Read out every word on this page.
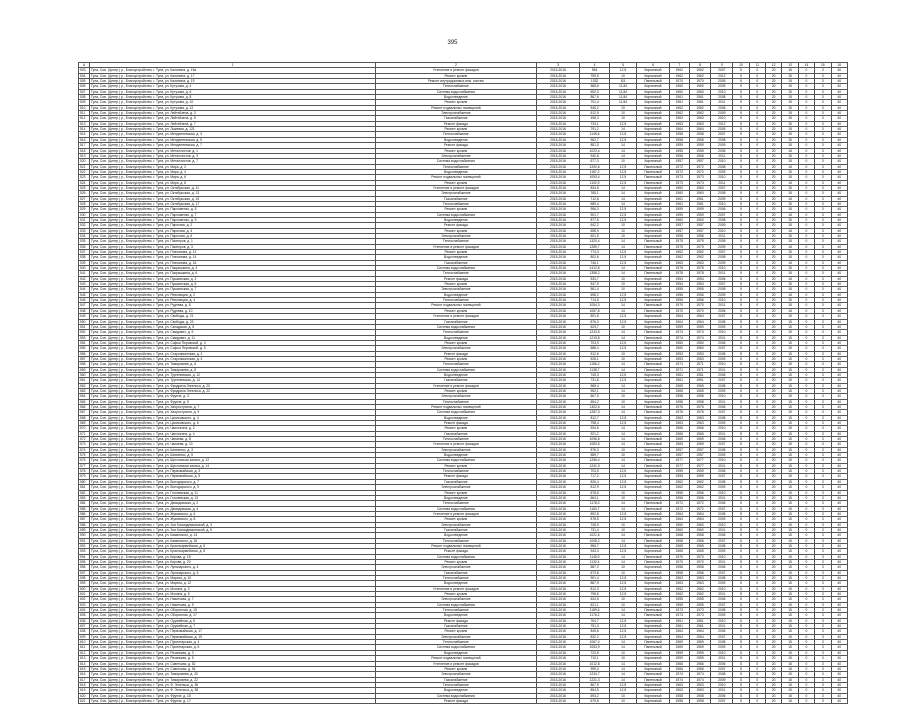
395
А	1	2	3	4	5	6	7	8	9	10	11	12	13	14	15	16
503	Тула, Сов. (Центр.) р., Благоустройство, г. Тула, ул. Калинина, д. 15а	Утепление и ремонт фасадов	2015-2016	964	12,5	Кирпичный	1962	1962	2007	5	0	20	15	0	3	40
504	Тула, Сов. (Центр.) р., Благоустройство, г. Тула, ул. Калинина, д. 17	Ремонт кровли	2015-2016	759,5	10	Кирпичный	1962	1962	2012	5	0	20	15	0	3	40
505	Тула, Сов. (Центр.) р., Благоустройство, г. Тула, ул. Калинина, д. 19	Ремонт внутридомовых инж. систем	2015-2016	1032	8,5	Панельный	1970	1970	2005	5	0	20	15	0	3	40
506	Тула, Сов. (Центр.) р., Благоустройство, г. Тула, ул. Кутузова, д. 4	Теплоснабжение	2015-2016	588,6	11,84	Кирпичный	1960	1960	2009	5	0	20	15	0	3	40
507	Тула, Сов. (Центр.) р., Благоустройство, г. Тула, ул. Кутузова, д. 6	Система водоснабжения	2015-2016	652,3	11,84	Кирпичный	1960	1960	2010	5	0	20	15	0	3	40
508	Тула, Сов. (Центр.) р., Благоустройство, г. Тула, ул. Кутузова, д. 8	Водоотведение	2015-2016	867,6	11,84	Кирпичный	1961	1961	2008	5	0	20	15	0	3	40
509	Тула, Сов. (Центр.) р., Благоустройство, г. Тула, ул. Кутузова, д. 10	Ремонт кровли	2015-2016	701,4	11,84	Кирпичный	1961	1961	2011	5	0	20	15	0	3	40
510	Тула, Сов. (Центр.) р., Благоустройство, г. Тула, ул. Кутузова, д. 12	Ремонт подвальных помещений	2015-2016	545,2	10	Кирпичный	1962	1962	2006	5	0	20	15	0	3	40
511	Тула, Сов. (Центр.) р., Благоустройство, г. Тула, ул. Лейтейзена, д. 3	Электроснабжение	2015-2016	612,9	10	Кирпичный	1962	1962	2009	5	0	20	15	0	3	40
512	Тула, Сов. (Центр.) р., Благоустройство, г. Тула, ул. Лейтейзена, д. 5	Газоснабжение	2015-2016	498,3	10	Кирпичный	1963	1963	2010	5	0	20	15	0	3	40
513	Тула, Сов. (Центр.) р., Благоустройство, г. Тула, ул. Лейтейзена, д. 7	Ремонт фасада	2015-2016	733,1	12,5	Кирпичный	1963	1963	2012	5	0	20	15	0	3	40
514	Тула, Сов. (Центр.) р., Благоустройство, г. Тула, ул. Ложевая, д. 121	Ремонт кровли	2015-2016	791,2	14	Кирпичный	1964	1964	2005	5	0	20	15	0	3	40
515	Тула, Сов. (Центр.) р., Благоустройство, г. Тула, ул. Менделеевская, д. 3	Теплоснабжение	2015-2016	1145,6	12,5	Кирпичный	1958	1958	2007	5	0	20	15	0	3	40
516	Тула, Сов. (Центр.) р., Благоустройство, г. Тула, ул. Менделеевская, д. 5	Водоотведение	2015-2016	962,7	12,5	Кирпичный	1958	1958	2008	5	0	20	15	0	3	40
517	Тула, Сов. (Центр.) р., Благоустройство, г. Тула, ул. Менделеевская, д. 7	Ремонт фасада	2015-2016	881,5	14	Кирпичный	1959	1959	2009	5	0	20	15	0	3	40
518	Тула, Сов. (Центр.) р., Благоустройство, г. Тула, ул. Металлистов, д. 1	Ремонт кровли	2015-2016	1023,4	14	Кирпичный	1955	1955	2006	5	0	20	15	0	3	40
519	Тула, Сов. (Центр.) р., Благоустройство, г. Тула, ул. Металлистов, д. 3	Электроснабжение	2015-2016	940,8	14	Кирпичный	1956	1956	2011	5	0	20	15	0	3	40
520	Тула, Сов. (Центр.) р., Благоустройство, г. Тула, ул. Металлистов, д. 7	Система водоснабжения	2015-2016	677,3	10	Кирпичный	1957	1957	2010	5	0	20	15	0	3	40
521	Тула, Сов. (Центр.) р., Благоустройство, г. Тула, ул. Мира, д. 2	Теплоснабжение	2015-2016	1200,6	12,5	Панельный	1972	1972	2008	5	0	20	15	0	3	40
522	Тула, Сов. (Центр.) р., Благоустройство, г. Тула, ул. Мира, д. 4	Водоотведение	2015-2016	1187,2	12,5	Панельный	1972	1972	2009	5	0	20	15	0	3	40
523	Тула, Сов. (Центр.) р., Благоустройство, г. Тула, ул. Мира, д. 6	Ремонт подвальных помещений	2015-2016	1093,4	12,5	Панельный	1973	1973	2010	5	0	20	15	0	3	40
524	Тула, Сов. (Центр.) р., Благоустройство, г. Тула, ул. Мира, д. 8	Ремонт кровли	2015-2016	1102,9	12,5	Панельный	1973	1973	2011	5	0	20	15	0	3	40
525	Тула, Сов. (Центр.) р., Благоустройство, г. Тула, ул. Октябрьская, д. 11	Утепление и ремонт фасадов	2015-2016	834,6	14	Кирпичный	1960	1960	2007	5	0	20	15	0	3	40
526	Тула, Сов. (Центр.) р., Благоустройство, г. Тула, ул. Октябрьская, д. 13	Электроснабжение	2015-2016	765,1	14	Кирпичный	1960	1960	2008	5	0	20	15	0	3	40
527	Тула, Сов. (Центр.) р., Благоустройство, г. Тула, ул. Октябрьская, д. 15	Газоснабжение	2015-2016	712,8	14	Кирпичный	1961	1961	2009	5	0	20	15	0	3	40
528	Тула, Сов. (Центр.) р., Благоустройство, г. Тула, ул. Октябрьская, д. 17	Теплоснабжение	2015-2016	689,4	14	Кирпичный	1961	1961	2010	5	0	20	15	0	3	40
529	Тула, Сов. (Центр.) р., Благоустройство, г. Тула, ул. Пархоменко, д. 5	Ремонт кровли	2015-2016	956,3	12,5	Кирпичный	1959	1959	2006	5	0	20	15	0	3	40
530	Тула, Сов. (Центр.) р., Благоустройство, г. Тула, ул. Пархоменко, д. 7	Система водоснабжения	2015-2016	901,7	12,5	Кирпичный	1959	1959	2007	5	0	20	15	0	3	40
531	Тула, Сов. (Центр.) р., Благоустройство, г. Тула, ул. Пархоменко, д. 9	Водоотведение	2015-2016	877,5	12,5	Кирпичный	1960	1960	2008	5	0	20	15	0	3	40
532	Тула, Сов. (Центр.) р., Благоустройство, г. Тула, ул. Пирогова, д. 2	Ремонт фасада	2015-2016	642,2	10	Кирпичный	1957	1957	2009	5	0	20	15	0	3	40
533	Тула, Сов. (Центр.) р., Благоустройство, г. Тула, ул. Пирогова, д. 4	Ремонт кровли	2015-2016	658,9	10	Кирпичный	1957	1957	2010	5	0	20	15	0	3	40
534	Тула, Сов. (Центр.) р., Благоустройство, г. Тула, ул. Пирогова, д. 6	Электроснабжение	2015-2016	601,5	10	Кирпичный	1958	1958	2011	5	0	20	15	0	3	40
535	Тула, Сов. (Центр.) р., Благоустройство, г. Тула, ул. Пионеров, д. 1	Теплоснабжение	2015-2016	1320,4	14	Панельный	1975	1975	2008	5	0	20	15	0	3	40
536	Тула, Сов. (Центр.) р., Благоустройство, г. Тула, ул. Пионеров, д. 3	Утепление и ремонт фасадов	2015-2016	1289,7	14	Панельный	1975	1975	2009	5	0	20	15	0	3	40
537	Тула, Сов. (Центр.) р., Благоустройство, г. Тула, ул. Плеханова, д. 12	Ремонт кровли	2015-2016	774,3	12,5	Кирпичный	1962	1962	2007	5	0	20	15	0	3	40
538	Тула, Сов. (Центр.) р., Благоустройство, г. Тула, ул. Плеханова, д. 14	Водоотведение	2015-2016	802,6	12,5	Кирпичный	1962	1962	2008	5	0	20	15	0	3	40
539	Тула, Сов. (Центр.) р., Благоустройство, г. Тула, ул. Плеханова, д. 16	Газоснабжение	2015-2016	746,1	12,5	Кирпичный	1963	1963	2009	5	0	20	15	0	3	40
540	Тула, Сов. (Центр.) р., Благоустройство, г. Тула, ул. Покрышкина, д. 4	Система водоснабжения	2015-2016	1412,8	14	Панельный	1978	1978	2010	5	0	20	15	0	3	40
541	Тула, Сов. (Центр.) р., Благоустройство, г. Тула, ул. Покрышкина, д. 6	Теплоснабжение	2015-2016	1398,2	14	Панельный	1978	1978	2011	5	0	20	15	0	3	40
542	Тула, Сов. (Центр.) р., Благоустройство, г. Тула, ул. Пушкинская, д. 3	Ремонт фасада	2015-2016	533,7	10	Кирпичный	1954	1954	2006	5	0	20	15	0	3	40
543	Тула, Сов. (Центр.) р., Благоустройство, г. Тула, ул. Пушкинская, д. 5	Ремонт кровли	2015-2016	547,9	10	Кирпичный	1954	1954	2007	5	0	20	15	0	3	40
544	Тула, Сов. (Центр.) р., Благоустройство, г. Тула, ул. Пушкинская, д. 7	Электроснабжение	2015-2016	561,4	10	Кирпичный	1955	1955	2008	5	0	20	15	0	3	40
545	Тула, Сов. (Центр.) р., Благоустройство, г. Тула, ул. Революции, д. 2	Водоотведение	2015-2016	698,2	12,5	Кирпичный	1956	1956	2009	5	0	20	15	0	3	40
546	Тула, Сов. (Центр.) р., Благоустройство, г. Тула, ул. Революции, д. 4	Теплоснабжение	2015-2016	714,6	12,5	Кирпичный	1956	1956	2010	5	0	20	15	0	3	40
547	Тула, Сов. (Центр.) р., Благоустройство, г. Тула, ул. Руднева, д. 8	Ремонт подвальных помещений	2015-2016	1054,3	14	Панельный	1970	1970	2011	5	0	20	15	0	3	40
548	Тула, Сов. (Центр.) р., Благоустройство, г. Тула, ул. Руднева, д. 10	Ремонт кровли	2015-2016	1067,8	14	Панельный	1970	1970	2006	5	0	20	15	0	3	40
549	Тула, Сов. (Центр.) р., Благоустройство, г. Тула, ул. Свободы, д. 21	Утепление и ремонт фасадов	2015-2016	891,5	12,5	Кирпичный	1964	1964	2007	5	0	20	15	0	3	40
550	Тула, Сов. (Центр.) р., Благоустройство, г. Тула, ул. Свободы, д. 23	Газоснабжение	2015-2016	876,3	12,5	Кирпичный	1964	1964	2008	5	0	20	15	0	3	40
551	Тула, Сов. (Центр.) р., Благоустройство, г. Тула, ул. Складская, д. 5	Система водоснабжения	2015-2016	623,7	10	Кирпичный	1959	1959	2009	5	0	20	15	0	3	40
552	Тула, Сов. (Центр.) р., Благоустройство, г. Тула, ул. Смидович, д. 9	Теплоснабжение	2015-2016	1243,5	14	Панельный	1974	1974	2010	5	0	20	15	0	3	40
553	Тула, Сов. (Центр.) р., Благоустройство, г. Тула, ул. Смидович, д. 11	Водоотведение	2015-2016	1219,8	14	Панельный	1974	1974	2011	5	0	20	15	0	3	40
554	Тула, Сов. (Центр.) р., Благоустройство, г. Тула, ул. Софьи Перовской, д. 3	Ремонт кровли	2015-2016	703,9	12,5	Кирпичный	1960	1960	2006	5	0	20	15	0	3	40
555	Тула, Сов. (Центр.) р., Благоустройство, г. Тула, ул. Софьи Перовской, д. 5	Электроснабжение	2015-2016	688,4	12,5	Кирпичный	1960	1960	2007	5	0	20	15	0	3	40
556	Тула, Сов. (Центр.) р., Благоустройство, г. Тула, ул. Староникитская, д. 2	Ремонт фасада	2015-2016	512,6	10	Кирпичный	1953	1953	2008	5	0	20	15	0	3	40
557	Тула, Сов. (Центр.) р., Благоустройство, г. Тула, ул. Староникитская, д. 4	Ремонт кровли	2015-2016	526,1	10	Кирпичный	1953	1953	2009	5	0	20	15	0	3	40
558	Тула, Сов. (Центр.) р., Благоустройство, г. Тула, ул. Тимирязева, д. 6	Теплоснабжение	2015-2016	1156,2	14	Панельный	1971	1971	2010	5	0	20	15	0	3	40
559	Тула, Сов. (Центр.) р., Благоустройство, г. Тула, ул. Тимирязева, д. 8	Система водоснабжения	2015-2016	1138,7	14	Панельный	1971	1971	2011	5	0	20	15	0	3	40
560	Тула, Сов. (Центр.) р., Благоустройство, г. Тула, ул. Тургеневская, д. 12	Водоотведение	2015-2016	745,3	12,5	Кирпичный	1961	1961	2006	5	0	20	15	0	3	40
561	Тула, Сов. (Центр.) р., Благоустройство, г. Тула, ул. Тургеневская, д. 14	Газоснабжение	2015-2016	731,8	12,5	Кирпичный	1961	1961	2007	5	0	20	15	0	3	40
562	Тула, Сов. (Центр.) р., Благоустройство, г. Тула, ул. Фридриха Энгельса, д. 20	Утепление и ремонт фасадов	2015-2016	968,4	14	Кирпичный	1965	1965	2008	5	0	20	15	0	3	40
563	Тула, Сов. (Центр.) р., Благоустройство, г. Тула, ул. Фридриха Энгельса, д. 22	Ремонт кровли	2015-2016	952,1	14	Кирпичный	1965	1965	2009	5	0	20	15	0	3	40
564	Тула, Сов. (Центр.) р., Благоустройство, г. Тула, ул. Фрунзе, д. 3	Электроснабжение	2015-2016	667,9	10	Кирпичный	1958	1958	2010	5	0	20	15	0	3	40
565	Тула, Сов. (Центр.) р., Благоустройство, г. Тула, ул. Фрунзе, д. 5	Теплоснабжение	2015-2016	654,2	10	Кирпичный	1958	1958	2011	5	0	20	15	0	3	40
566	Тула, Сов. (Центр.) р., Благоустройство, г. Тула, ул. Хворостухина, д. 7	Ремонт подвальных помещений	2015-2016	1302,6	14	Панельный	1976	1976	2006	5	0	20	15	0	3	40
567	Тула, Сов. (Центр.) р., Благоустройство, г. Тула, ул. Хворостухина, д. 9	Система водоснабжения	2015-2016	1287,3	14	Панельный	1976	1976	2007	5	0	20	15	0	3	40
568	Тула, Сов. (Центр.) р., Благоустройство, г. Тула, ул. Циолковского, д. 4	Водоотведение	2015-2016	812,7	12,5	Кирпичный	1963	1963	2008	5	0	20	15	0	3	40
569	Тула, Сов. (Центр.) р., Благоустройство, г. Тула, ул. Циолковского, д. 6	Ремонт фасада	2015-2016	798,4	12,5	Кирпичный	1963	1963	2009	5	0	20	15	0	3	40
570	Тула, Сов. (Центр.) р., Благоустройство, г. Тула, ул. Чаплыгина, д. 2	Ремонт кровли	2015-2016	934,6	14	Кирпичный	1966	1966	2010	5	0	20	15	0	3	40
571	Тула, Сов. (Центр.) р., Благоустройство, г. Тула, ул. Чаплыгина, д. 4	Газоснабжение	2015-2016	921,2	14	Кирпичный	1966	1966	2011	5	0	20	15	0	3	40
572	Тула, Сов. (Центр.) р., Благоустройство, г. Тула, ул. Чапаева, д. 8	Теплоснабжение	2015-2016	1096,8	14	Панельный	1969	1969	2006	5	0	20	15	0	3	40
573	Тула, Сов. (Центр.) р., Благоустройство, г. Тула, ул. Чапаева, д. 10	Утепление и ремонт фасадов	2015-2016	1083,5	14	Панельный	1969	1969	2007	5	0	20	15	0	3	40
574	Тула, Сов. (Центр.) р., Благоустройство, г. Тула, ул. Шевченко, д. 3	Электроснабжение	2015-2016	576,3	10	Кирпичный	1957	1957	2008	5	0	20	15	0	3	40
575	Тула, Сов. (Центр.) р., Благоустройство, г. Тула, ул. Шевченко, д. 5	Водоотведение	2015-2016	589,7	10	Кирпичный	1957	1957	2009	5	0	20	15	0	3	40
576	Тула, Сов. (Центр.) р., Благоустройство, г. Тула, ул. Щегловская засека, д. 12	Система водоснабжения	2015-2016	1256,4	14	Панельный	1977	1977	2010	5	0	20	15	0	3	40
577	Тула, Сов. (Центр.) р., Благоустройство, г. Тула, ул. Щегловская засека, д. 14	Ремонт кровли	2015-2016	1241,9	14	Панельный	1977	1977	2011	5	0	20	15	0	3	40
578	Тула, Сов. (Центр.) р., Благоустройство, г. Тула, ул. Первомайская, д. 3	Теплоснабжение	2015-2016	703,5	12,5	Кирпичный	1959	1959	2006	5	0	20	15	0	3	40
579	Тула, Сов. (Центр.) р., Благоустройство, г. Тула, ул. Первомайская, д. 5	Ремонт фасада	2015-2016	717,2	12,5	Кирпичный	1959	1959	2007	5	0	20	15	0	3	40
580	Тула, Сов. (Центр.) р., Благоустройство, г. Тула, ул. Володарского, д. 7	Газоснабжение	2015-2016	826,4	12,5	Кирпичный	1962	1962	2008	5	0	20	15	0	3	40
581	Тула, Сов. (Центр.) р., Благоустройство, г. Тула, ул. Володарского, д. 9	Электроснабжение	2015-2016	812,9	12,5	Кирпичный	1962	1962	2009	5	0	20	15	0	3	40
582	Тула, Сов. (Центр.) р., Благоустройство, г. Тула, ул. Гоголевская, д. 11	Ремонт кровли	2015-2016	678,6	10	Кирпичный	1956	1956	2010	5	0	20	15	0	3	40
583	Тула, Сов. (Центр.) р., Благоустройство, г. Тула, ул. Гоголевская, д. 13	Водоотведение	2015-2016	664,1	10	Кирпичный	1956	1956	2011	5	0	20	15	0	3	40
584	Тула, Сов. (Центр.) р., Благоустройство, г. Тула, ул. Демидовская, д. 2	Теплоснабжение	2015-2016	1178,3	14	Панельный	1972	1972	2006	5	0	20	15	0	3	40
585	Тула, Сов. (Центр.) р., Благоустройство, г. Тула, ул. Демидовская, д. 4	Система водоснабжения	2015-2016	1163,7	14	Панельный	1972	1972	2007	5	0	20	15	0	3	40
586	Тула, Сов. (Центр.) р., Благоустройство, г. Тула, ул. Жуковского, д. 6	Утепление и ремонт фасадов	2015-2016	892,8	12,5	Кирпичный	1964	1964	2008	5	0	20	15	0	3	40
587	Тула, Сов. (Центр.) р., Благоустройство, г. Тула, ул. Жуковского, д. 8	Ремонт кровли	2015-2016	878,5	12,5	Кирпичный	1964	1964	2009	5	0	20	15	0	3	40
588	Тула, Сов. (Центр.) р., Благоустройство, г. Тула, ул. Зои Космодемьянской, д. 3	Электроснабжение	2015-2016	745,9	10	Кирпичный	1960	1960	2010	5	0	20	15	0	3	40
589	Тула, Сов. (Центр.) р., Благоустройство, г. Тула, ул. Зои Космодемьянской, д. 5	Газоснабжение	2015-2016	731,4	10	Кирпичный	1960	1960	2011	5	0	20	15	0	3	40
590	Тула, Сов. (Центр.) р., Благоустройство, г. Тула, ул. Каминского, д. 14	Водоотведение	2015-2016	1021,6	14	Панельный	1968	1968	2006	5	0	20	15	0	3	40
591	Тула, Сов. (Центр.) р., Благоустройство, г. Тула, ул. Каминского, д. 16	Теплоснабжение	2015-2016	1008,2	14	Панельный	1968	1968	2007	5	0	20	15	0	3	40
592	Тула, Сов. (Центр.) р., Благоустройство, г. Тула, ул. Красноармейская, д. 6	Ремонт подвальных помещений	2015-2016	956,7	12,5	Кирпичный	1965	1965	2008	5	0	20	15	0	3	40
593	Тула, Сов. (Центр.) р., Благоустройство, г. Тула, ул. Красноармейская, д. 8	Ремонт фасада	2015-2016	943,3	12,5	Кирпичный	1965	1965	2009	5	0	20	15	0	3	40
594	Тула, Сов. (Центр.) р., Благоустройство, г. Тула, ул. Кирова, д. 18	Система водоснабжения	2015-2016	1145,9	14	Панельный	1970	1970	2010	5	0	20	15	0	3	40
595	Тула, Сов. (Центр.) р., Благоустройство, г. Тула, ул. Кирова, д. 20	Ремонт кровли	2015-2016	1132,4	14	Панельный	1970	1970	2011	5	0	20	15	0	3	40
596	Тула, Сов. (Центр.) р., Благоустройство, г. Тула, ул. Луначарского, д. 4	Электроснабжение	2015-2016	687,2	10	Кирпичный	1958	1958	2006	5	0	20	15	0	3	40
597	Тула, Сов. (Центр.) р., Благоустройство, г. Тула, ул. Луначарского, д. 6	Газоснабжение	2015-2016	673,8	10	Кирпичный	1958	1958	2007	5	0	20	15	0	3	40
598	Тула, Сов. (Центр.) р., Благоустройство, г. Тула, ул. Марата, д. 10	Теплоснабжение	2015-2016	901,4	12,5	Кирпичный	1963	1963	2008	5	0	20	15	0	3	40
599	Тула, Сов. (Центр.) р., Благоустройство, г. Тула, ул. Марата, д. 12	Водоотведение	2015-2016	887,9	12,5	Кирпичный	1963	1963	2009	5	0	20	15	0	3	40
600	Тула, Сов. (Центр.) р., Благоустройство, г. Тула, ул. Мосина, д. 3	Утепление и ремонт фасадов	2015-2016	812,3	12,5	Кирпичный	1962	1962	2010	5	0	20	15	0	3	40
601	Тула, Сов. (Центр.) р., Благоустройство, г. Тула, ул. Мосина, д. 5	Ремонт кровли	2015-2016	798,8	12,5	Кирпичный	1962	1962	2011	5	0	20	15	0	3	40
602	Тула, Сов. (Центр.) р., Благоустройство, г. Тула, ул. Никитская, д. 7	Электроснабжение	2015-2016	634,5	10	Кирпичный	1955	1955	2006	5	0	20	15	0	3	40
603	Тула, Сов. (Центр.) р., Благоустройство, г. Тула, ул. Никитская, д. 9	Система водоснабжения	2015-2016	621,1	10	Кирпичный	1955	1955	2007	5	0	20	15	0	3	40
604	Тула, Сов. (Центр.) р., Благоустройство, г. Тула, ул. Оборонная, д. 15	Теплоснабжение	2015-2016	1189,6	14	Панельный	1973	1973	2008	5	0	20	15	0	3	40
605	Тула, Сов. (Центр.) р., Благоустройство, г. Тула, ул. Оборонная, д. 17	Водоотведение	2015-2016	1176,2	14	Панельный	1973	1973	2009	5	0	20	15	0	3	40
606	Тула, Сов. (Центр.) р., Благоустройство, г. Тула, ул. Оружейная, д. 5	Ремонт фасада	2015-2016	764,7	12,5	Кирпичный	1961	1961	2010	5	0	20	15	0	3	40
607	Тула, Сов. (Центр.) р., Благоустройство, г. Тула, ул. Оружейная, д. 7	Газоснабжение	2015-2016	751,3	12,5	Кирпичный	1961	1961	2011	5	0	20	15	0	3	40
608	Тула, Сов. (Центр.) р., Благоустройство, г. Тула, ул. Первомайская, д. 17	Ремонт кровли	2015-2016	845,6	12,5	Кирпичный	1964	1964	2006	5	0	20	15	0	3	40
609	Тула, Сов. (Центр.) р., Благоустройство, г. Тула, ул. Первомайская, д. 19	Электроснабжение	2015-2016	832,2	12,5	Кирпичный	1964	1964	2007	5	0	20	15	0	3	40
610	Тула, Сов. (Центр.) р., Благоустройство, г. Тула, ул. Пролетарская, д. 4	Теплоснабжение	2015-2016	1067,4	14	Панельный	1969	1969	2008	5	0	20	15	0	3	40
611	Тула, Сов. (Центр.) р., Благоустройство, г. Тула, ул. Пролетарская, д. 6	Система водоснабжения	2015-2016	1053,9	14	Панельный	1969	1969	2009	5	0	20	15	0	3	40
612	Тула, Сов. (Центр.) р., Благоустройство, г. Тула, ул. Рязанская, д. 3	Водоотведение	2015-2016	723,5	10	Кирпичный	1959	1959	2010	5	0	20	15	0	3	40
613	Тула, Сов. (Центр.) р., Благоустройство, г. Тула, ул. Рязанская, д. 5	Ремонт подвальных помещений	2015-2016	710,1	10	Кирпичный	1959	1959	2011	5	0	20	15	0	3	40
614	Тула, Сов. (Центр.) р., Благоустройство, г. Тула, ул. Советская, д. 52	Утепление и ремонт фасадов	2015-2016	1012,8	14	Кирпичный	1966	1966	2006	5	0	20	15	0	3	40
615	Тула, Сов. (Центр.) р., Благоустройство, г. Тула, ул. Советская, д. 54	Ремонт кровли	2015-2016	999,4	14	Кирпичный	1966	1966	2007	5	0	20	15	0	3	40
616	Тула, Сов. (Центр.) р., Благоустройство, г. Тула, ул. Тимирязева, д. 20	Электроснабжение	2015-2016	1234,7	14	Панельный	1974	1974	2008	5	0	20	15	0	3	40
617	Тула, Сов. (Центр.) р., Благоустройство, г. Тула, ул. Тимирязева, д. 22	Газоснабжение	2015-2016	1221,3	14	Панельный	1974	1974	2009	5	0	20	15	0	3	40
618	Тула, Сов. (Центр.) р., Благоустройство, г. Тула, ул. Ф. Энгельса, д. 36	Теплоснабжение	2015-2016	867,9	12,5	Кирпичный	1963	1963	2010	5	0	20	15	0	3	40
619	Тула, Сов. (Центр.) р., Благоустройство, г. Тула, ул. Ф. Энгельса, д. 38	Водоотведение	2015-2016	854,5	12,5	Кирпичный	1963	1963	2011	5	0	20	15	0	3	40
620	Тула, Сов. (Центр.) р., Благоустройство, г. Тула, ул. Фрунзе, д. 15	Система водоснабжения	2015-2016	693,2	10	Кирпичный	1958	1958	2006	5	0	20	15	0	3	40
621	Тула, Сов. (Центр.) р., Благоустройство, г. Тула, ул. Фрунзе, д. 17	Ремонт фасада	2015-2016	679,8	10	Кирпичный	1958	1958	2007	5	0	20	15	0	3	40
